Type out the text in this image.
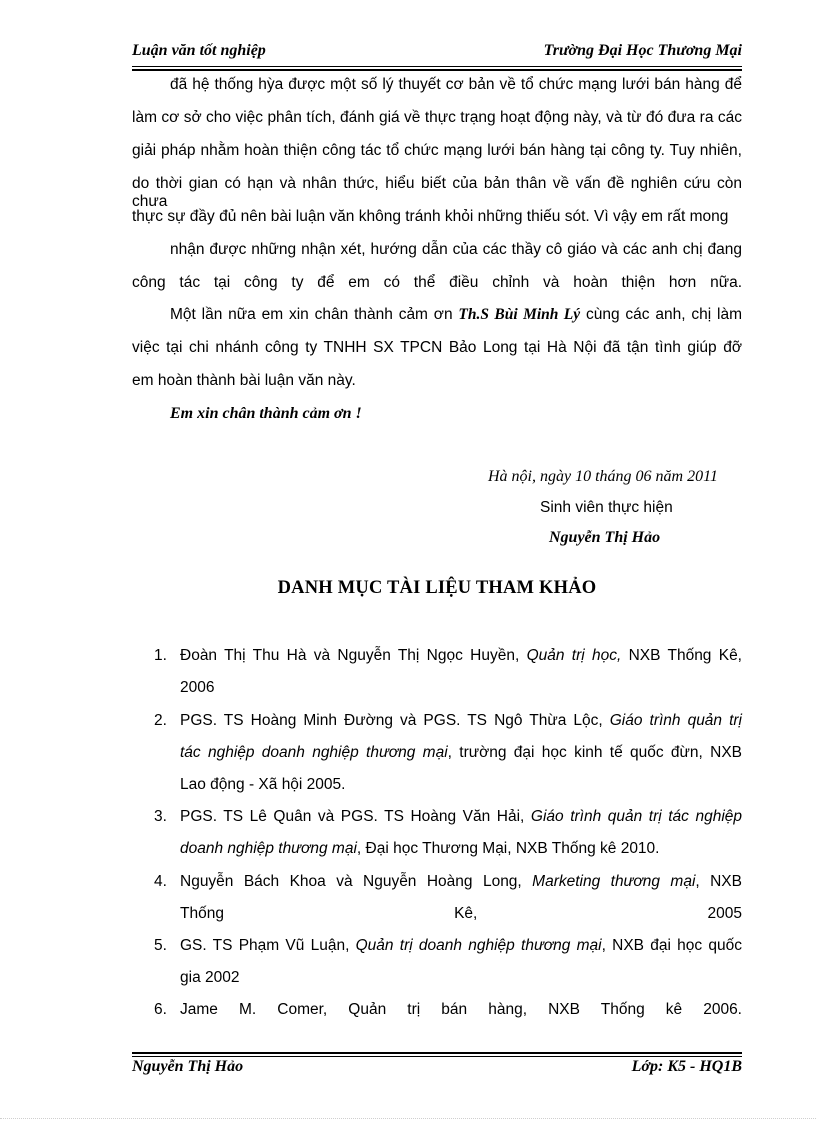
Luận văn tốt nghiệp	Trường Đại Học Thương Mại
đã hệ thống hỳa được một số lý thuyết cơ bản về tổ chức mạng lưới bán hàng để
làm cơ sở cho việc phân tích, đánh giá về thực trạng hoạt động này, và từ đó đưa ra các
giải pháp nhằm hoàn thiện công tác tổ chức mạng lưới bán hàng tại công ty. Tuy nhiên,
do thời gian có hạn và nhân thức, hiểu biết của bản thân về vấn đề nghiên cứu còn chưa
thực sự đầy đủ nên bài luận văn không tránh khỏi những thiếu sót. Vì vậy em rất mong
nhận được những nhận xét, hướng dẫn của các thầy cô giáo và các anh chị đang
công tác tại công ty để em có thể điều chỉnh và hoàn thiện hơn nữa.
Một lần nữa em xin chân thành cảm ơn Th.S Bùi Minh Lý cùng các anh, chị làm
việc tại chi nhánh công ty TNHH SX TPCN Bảo Long tại Hà Nội đã tận tình giúp đỡ
em hoàn thành bài luận văn này.
Em xin chân thành cảm ơn !
Hà nội, ngày 10 tháng 06 năm 2011
Sinh viên thực hiện
Nguyễn Thị Hảo
DANH MỤC TÀI LIỆU THAM KHẢO
1. Đoàn Thị Thu Hà và Nguyễn Thị Ngọc Huyền, Quản trị học, NXB Thống Kê,
2006
2. PGS. TS Hoàng Minh Đường và PGS. TS Ngô Thừa Lộc, Giáo trình quản trị
tác nghiệp doanh nghiệp thương mại, trường đại học kinh tế quốc đừn, NXB
Lao động - Xã hội 2005.
3. PGS. TS Lê Quân và PGS. TS Hoàng Văn Hải, Giáo trình quản trị tác nghiệp
doanh nghiệp thương mại, Đại học Thương Mại, NXB Thống kê 2010.
4. Nguyễn Bách Khoa và Nguyễn Hoàng Long, Marketing thương mại, NXB
Thống	Kê,	2005
5. GS. TS Phạm Vũ Luận, Quản trị doanh nghiệp thương mại, NXB đại học quốc
gia 2002
6. Jame M. Comer, Quản trị bán hàng, NXB Thống kê 2006.
Nguyễn Thị Hảo	Lớp: K5 - HQ1B
